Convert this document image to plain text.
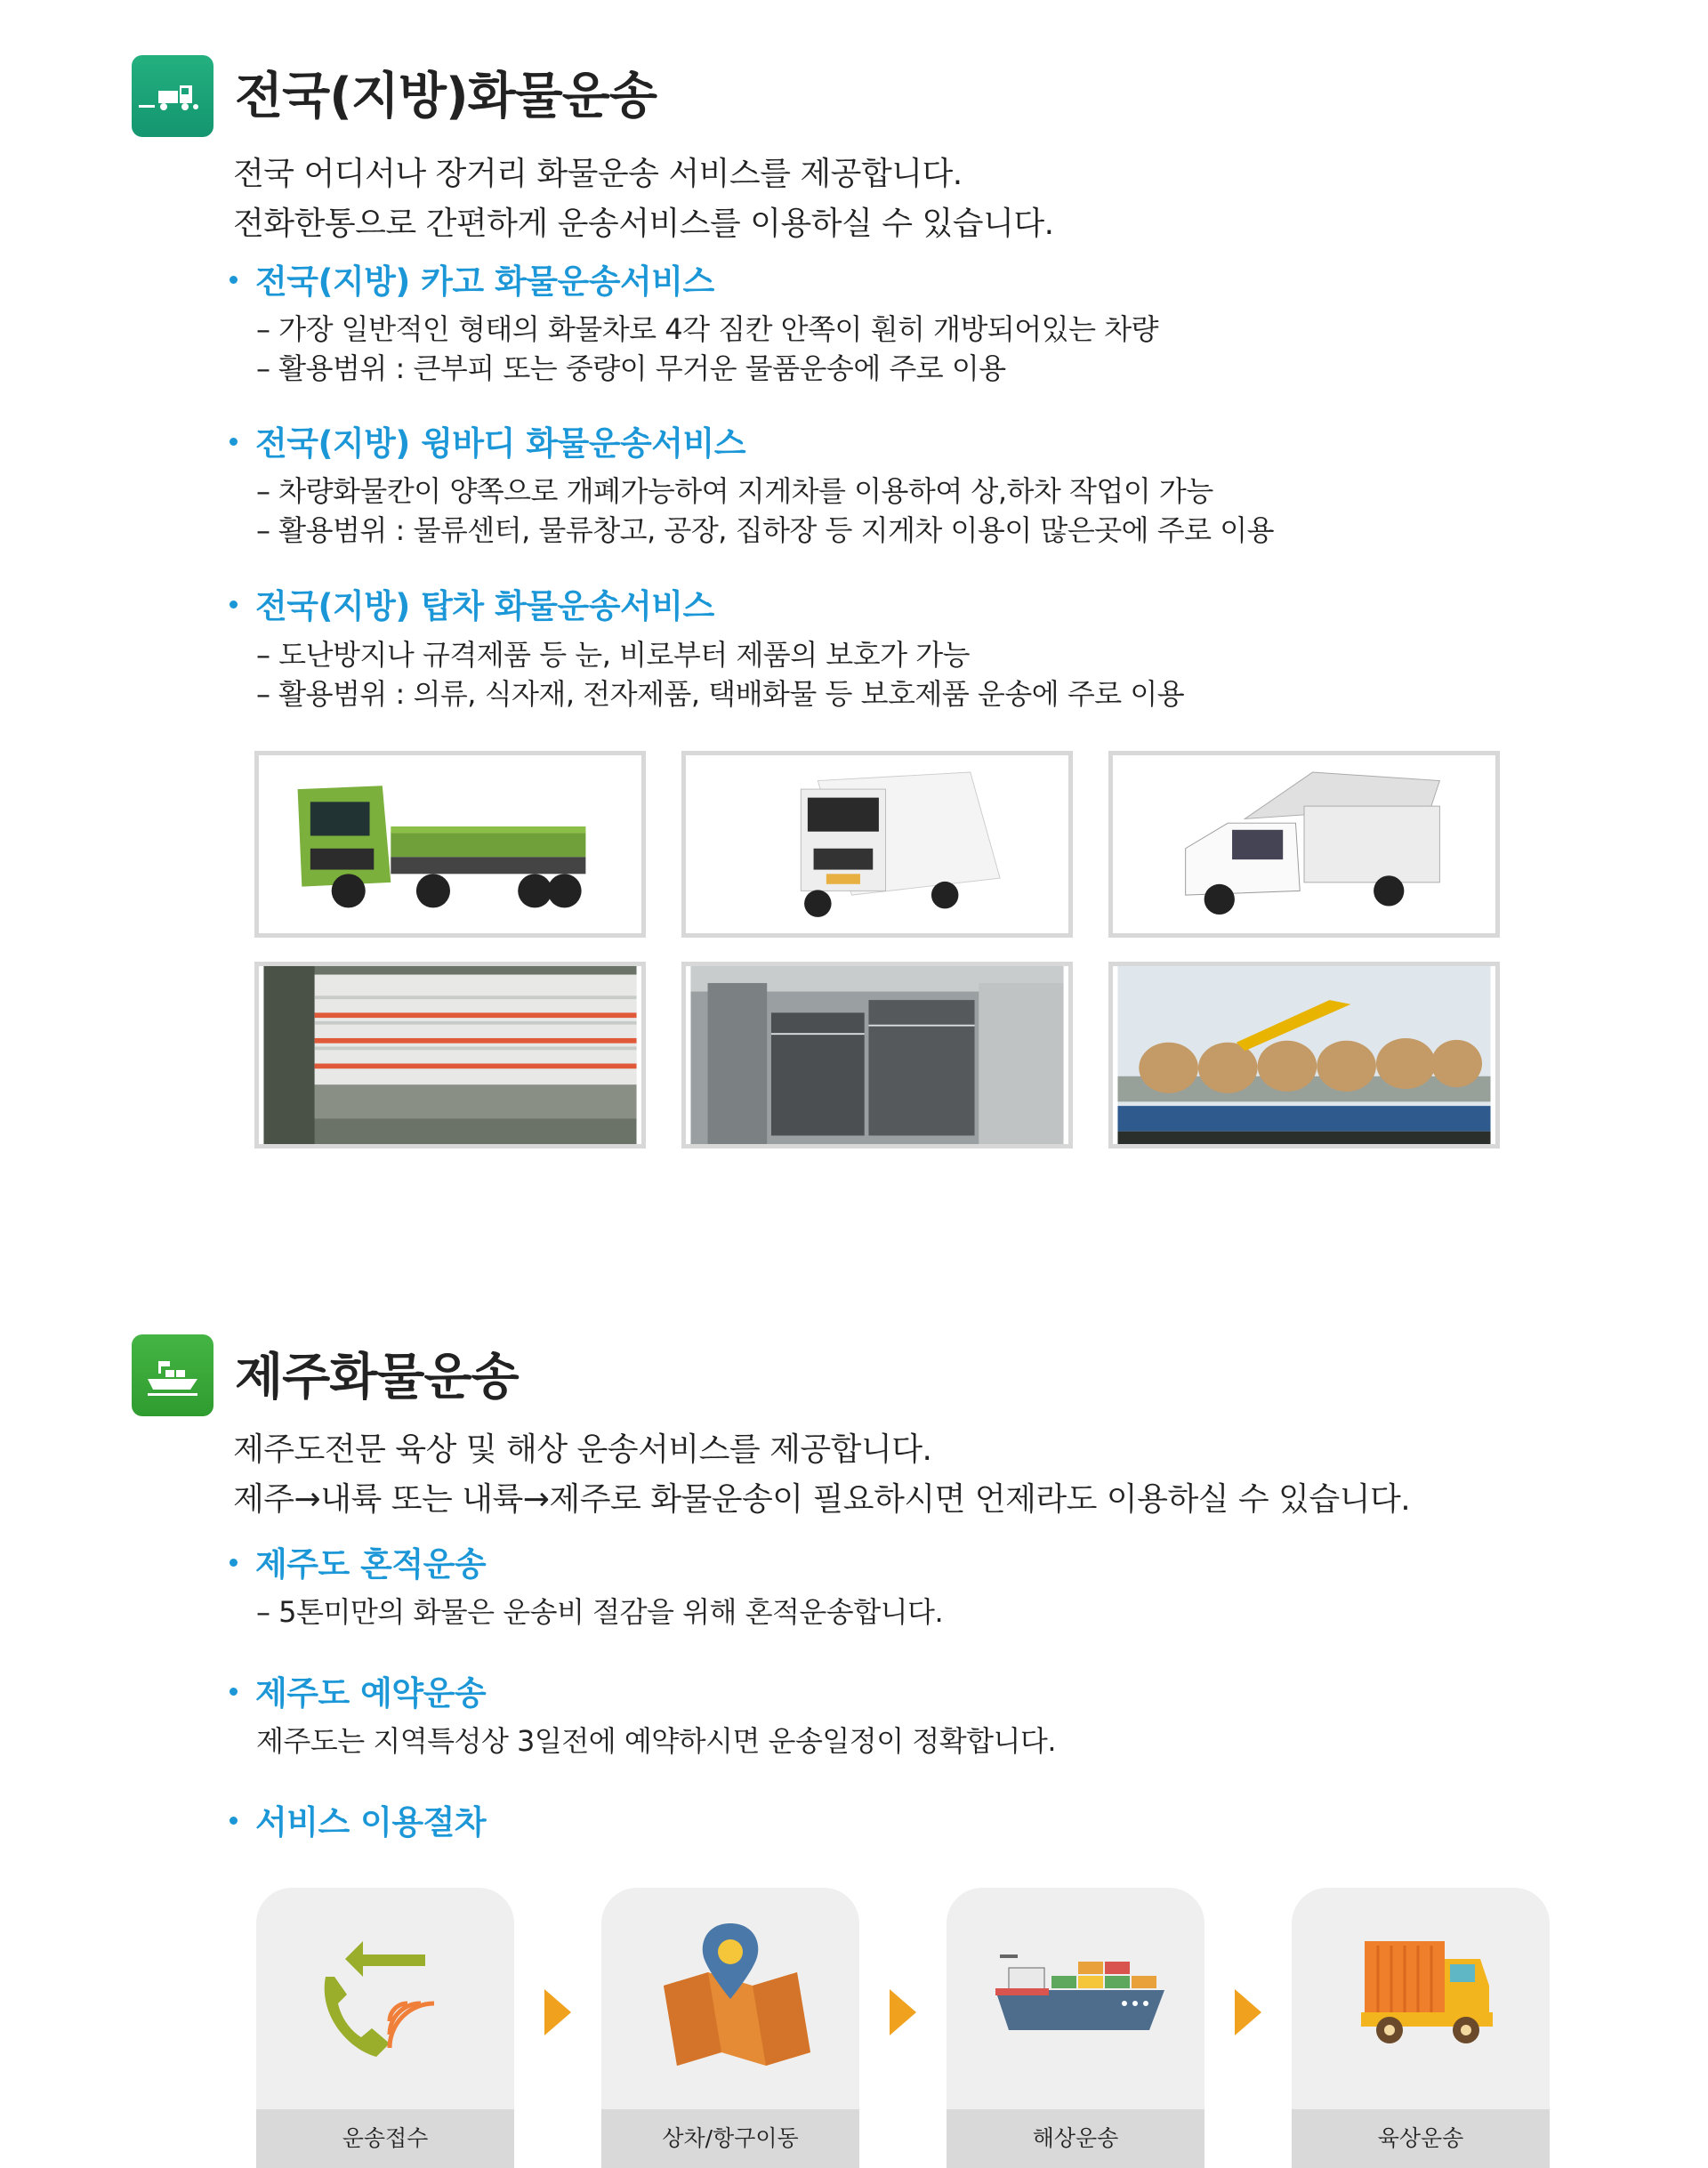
전국(지방)화물운송
전국 어디서나 장거리 화물운송 서비스를 제공합니다.
전화한통으로 간편하게 운송서비스를 이용하실 수 있습니다.
전국(지방) 카고 화물운송서비스
– 가장 일반적인 형태의 화물차로 4각 짐칸 안쪽이 훤히 개방되어있는 차량
– 활용범위 : 큰부피 또는 중량이 무거운 물품운송에 주로 이용
전국(지방) 윙바디 화물운송서비스
– 차량화물칸이 양쪽으로 개폐가능하여 지게차를 이용하여 상,하차 작업이 가능
– 활용범위 : 물류센터, 물류창고, 공장, 집하장 등 지게차 이용이 많은곳에 주로 이용
전국(지방) 탑차 화물운송서비스
– 도난방지나 규격제품 등 눈, 비로부터 제품의 보호가 가능
– 활용범위 : 의류, 식자재, 전자제품, 택배화물 등 보호제품 운송에 주로 이용
제주화물운송
제주도전문 육상 및 해상 운송서비스를 제공합니다.
제주→내륙 또는 내륙→제주로 화물운송이 필요하시면 언제라도 이용하실 수 있습니다.
제주도 혼적운송
– 5톤미만의 화물은 운송비 절감을 위해 혼적운송합니다.
제주도 예약운송
제주도는 지역특성상 3일전에 예약하시면 운송일정이 정확합니다.
서비스 이용절차
운송접수	상차/항구이동	해상운송	육상운송
